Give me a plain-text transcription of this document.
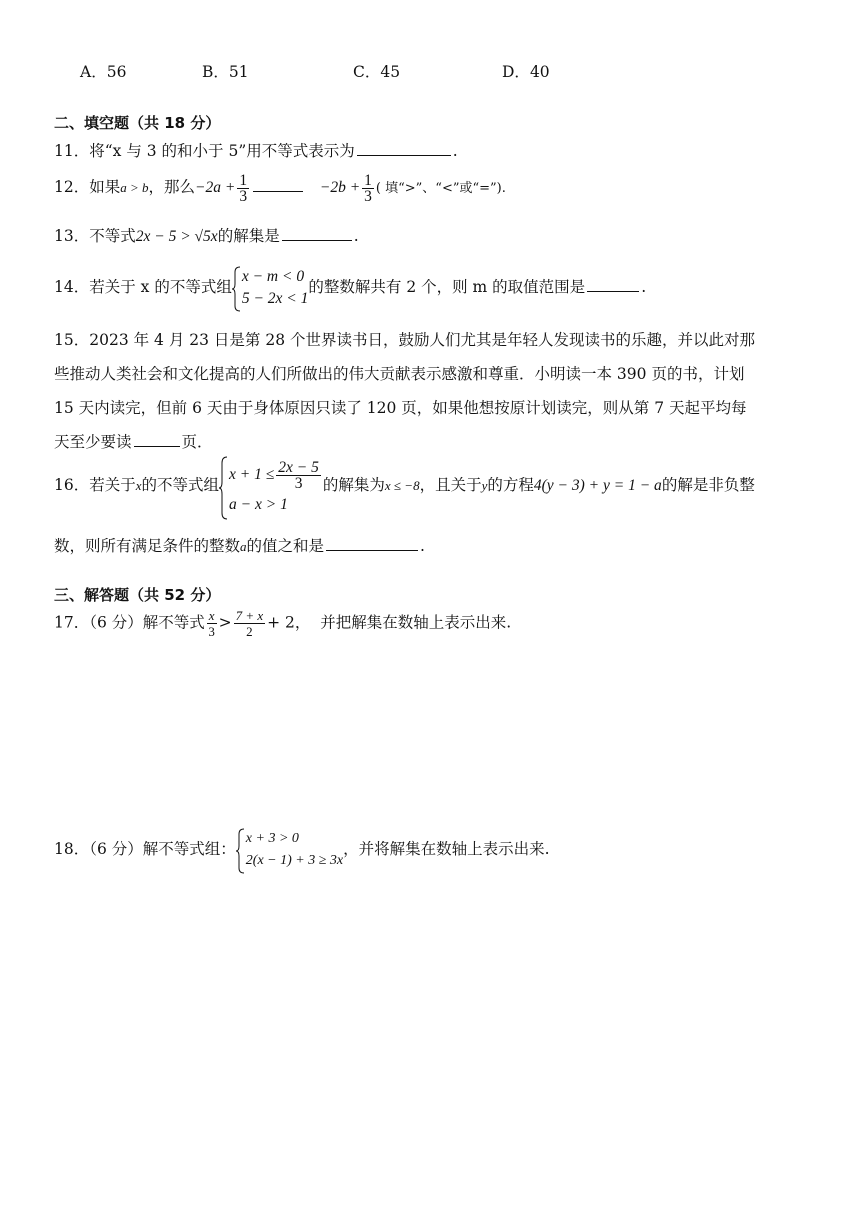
A．56	B．51	C．45	D．40
二、填空题（共 18 分）
11．将“x 与 3 的和小于 5”用不等式表示为	.
12．如果a > b，那么$-2a + \frac{1}{3}$	$-2b + \frac{1}{3}$ ( 填“>”、“<”或“=”).
13．不等式2x − 5 > √5x的解集是	.
14．若关于 x 的不等式组
x − m < 0
5 − 2x < 1
的整数解共有 2 个，则 m 的取值范围是	.
15．2023 年 4 月 23 日是第 28 个世界读书日，鼓励人们尤其是年轻人发现读书的乐趣，并以此对那
些推动人类社会和文化提高的人们所做出的伟大贡献表示感激和尊重．小明读一本 390 页的书，计划
15 天内读完，但前 6 天由于身体原因只读了 120 页，如果他想按原计划读完，则从第 7 天起平均每
天至少要读	页．
16．若关于x的不等式组
$x + 1 \le \frac{2x - 5}{3}$
a − x > 1
的解集为x ≤ −8，且关于y的方程4(y − 3) + y = 1 − a的解是非负整
数，则所有满足条件的整数a的值之和是	.
三、解答题（共 52 分）
17．（6 分）解不等式 $\frac{x}{3} > \frac{7 + x}{2} + 2$， 并把解集在数轴上表示出来.
18．（6 分）解不等式组：
x + 3 > 0
2(x − 1) + 3 ≥ 3x
，并将解集在数轴上表示出来.
